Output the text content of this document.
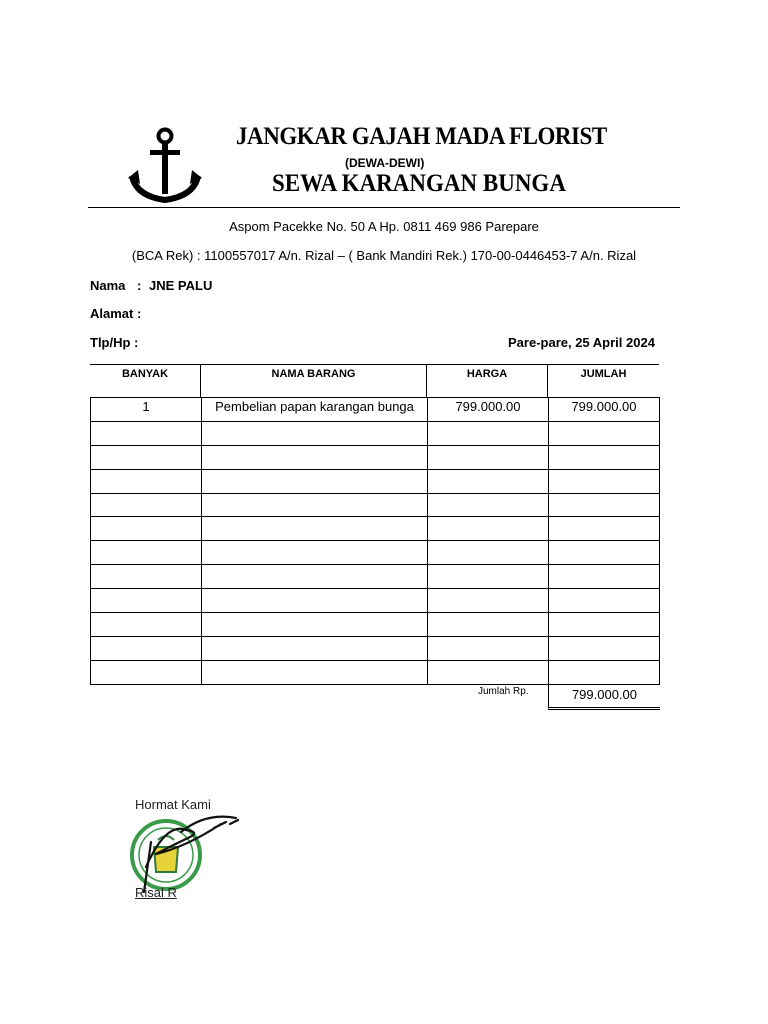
JANGKAR GAJAH MADA FLORIST
(DEWA-DEWI)
SEWA KARANGAN BUNGA
Aspom Pacekke No. 50 A Hp. 0811 469 986 Parepare
(BCA Rek) : 1100557017 A/n. Rizal – ( Bank Mandiri Rek.) 170-00-0446453-7 A/n. Rizal
Nama : JNE PALU
Alamat :
Tlp/Hp :	Pare-pare, 25 April 2024
BANYAK	NAMA BARANG	HARGA	JUMLAH
1	Pembelian papan karangan bunga	799.000.00	799.000.00

Jumlah Rp.	799.000.00
Hormat Kami
Risal R
